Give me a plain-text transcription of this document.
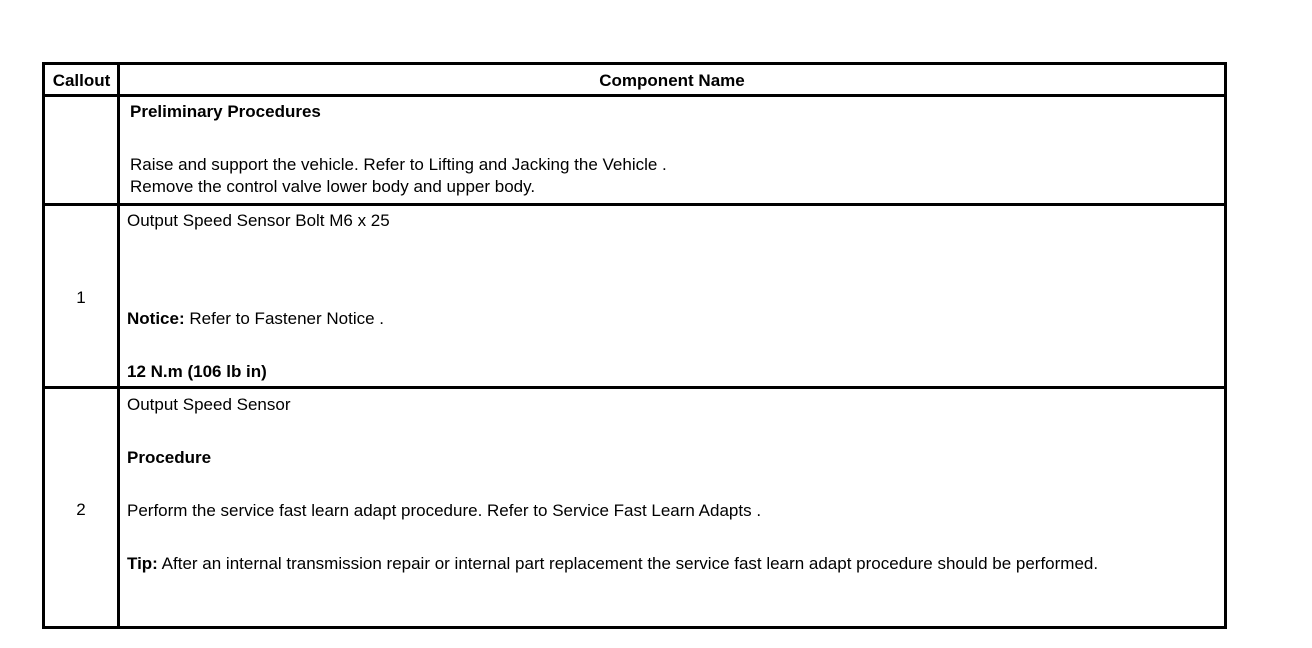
Callout	Component Name
Preliminary Procedures
Raise and support the vehicle. Refer to Lifting and Jacking the Vehicle .
Remove the control valve lower body and upper body.
1
Output Speed Sensor Bolt M6 x 25
Notice: Refer to Fastener Notice .
12 N.m (106 lb in)
2
Output Speed Sensor
Procedure
Perform the service fast learn adapt procedure. Refer to Service Fast Learn Adapts .
Tip: After an internal transmission repair or internal part replacement the service fast learn adapt procedure should be performed.
